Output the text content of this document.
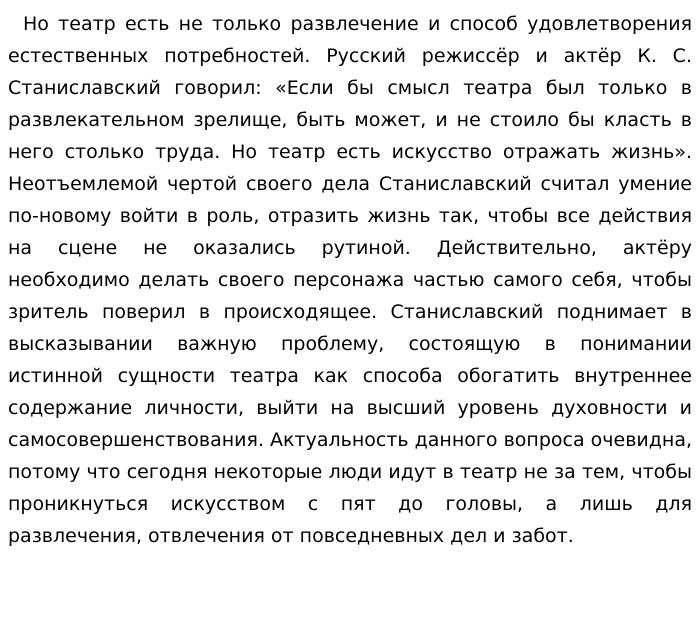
Но театр есть не только развлечение и способ удовлетворения естественных потребностей. Русский режиссёр и актёр К. С. Станиславский говорил: «Если бы смысл театра был только в развлекательном зрелище, быть может, и не стоило бы класть в него столько труда. Но театр есть искусство отражать жизнь». Неотъемлемой чертой своего дела Станиславский считал умение по-новому войти в роль, отразить жизнь так, чтобы все действия на сцене не оказались рутиной. Действительно, актёру необходимо делать своего персонажа частью самого себя, чтобы зритель поверил в происходящее. Станиславский поднимает в высказывании важную проблему, состоящую в понимании истинной сущности театра как способа обогатить внутреннее содержание личности, выйти на высший уровень духовности и самосовершенствования. Актуальность данного вопроса очевидна, потому что сегодня некоторые люди идут в театр не за тем, чтобы проникнуться искусством с пят до головы, а лишь для развлечения, отвлечения от повседневных дел и забот.
